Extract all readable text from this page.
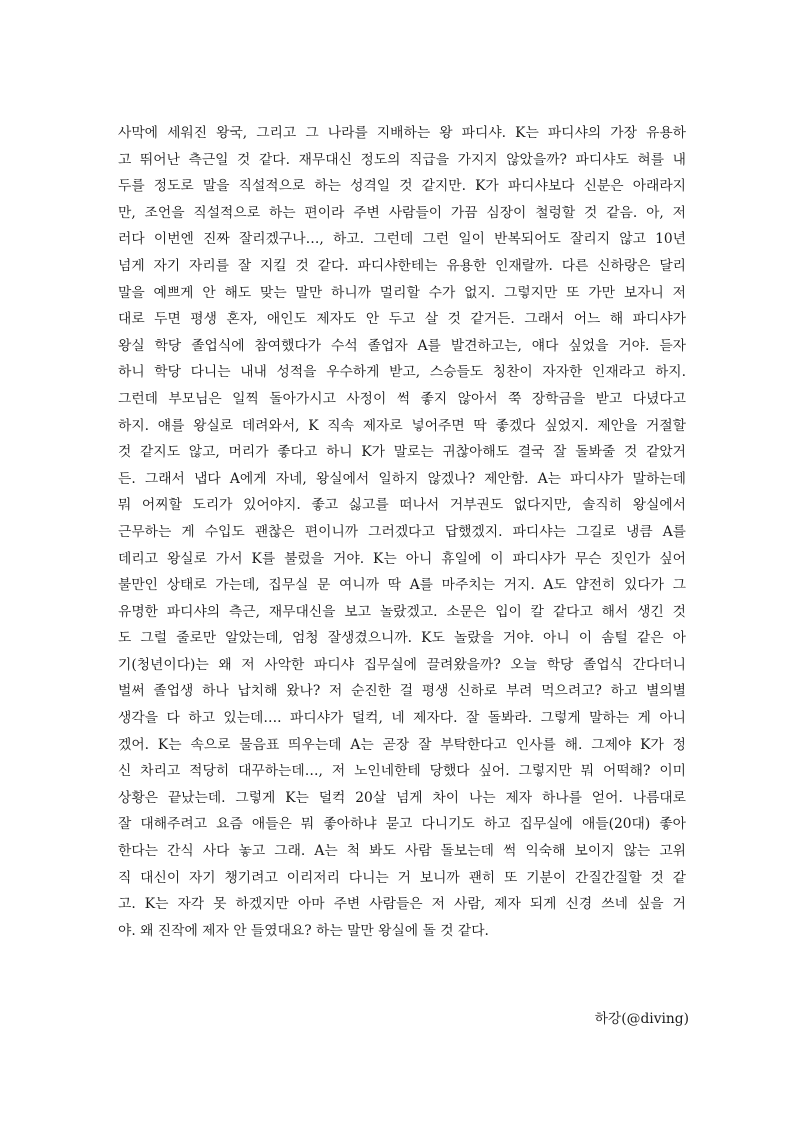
사막에 세워진 왕국, 그리고 그 나라를 지배하는 왕 파디샤. K는 파디샤의 가장 유용하
고 뛰어난 측근일 것 같다. 재무대신 정도의 직급을 가지지 않았을까? 파디샤도 혀를 내
두를 정도로 말을 직설적으로 하는 성격일 것 같지만. K가 파디샤보다 신분은 아래라지
만, 조언을 직설적으로 하는 편이라 주변 사람들이 가끔 심장이 철렁할 것 같음. 아, 저
러다 이번엔 진짜 잘리겠구나…, 하고. 그런데 그런 일이 반복되어도 잘리지 않고 10년
넘게 자기 자리를 잘 지킬 것 같다. 파디샤한테는 유용한 인재랄까. 다른 신하랑은 달리
말을 예쁘게 안 해도 맞는 말만 하니까 멀리할 수가 없지. 그렇지만 또 가만 보자니 저
대로 두면 평생 혼자, 애인도 제자도 안 두고 살 것 같거든. 그래서 어느 해 파디샤가
왕실 학당 졸업식에 참여했다가 수석 졸업자 A를 발견하고는, 얘다 싶었을 거야. 듣자
하니 학당 다니는 내내 성적을 우수하게 받고, 스승들도 칭찬이 자자한 인재라고 하지.
그런데 부모님은 일찍 돌아가시고 사정이 썩 좋지 않아서 쭉 장학금을 받고 다녔다고
하지. 얘를 왕실로 데려와서, K 직속 제자로 넣어주면 딱 좋겠다 싶었지. 제안을 거절할
것 같지도 않고, 머리가 좋다고 하니 K가 말로는 귀찮아해도 결국 잘 돌봐줄 것 같았거
든. 그래서 냅다 A에게 자네, 왕실에서 일하지 않겠나? 제안함. A는 파디샤가 말하는데
뭐 어찌할 도리가 있어야지. 좋고 싫고를 떠나서 거부권도 없다지만, 솔직히 왕실에서
근무하는 게 수입도 괜찮은 편이니까 그러겠다고 답했겠지. 파디샤는 그길로 냉큼 A를
데리고 왕실로 가서 K를 불렀을 거야. K는 아니 휴일에 이 파디샤가 무슨 짓인가 싶어
불만인 상태로 가는데, 집무실 문 여니까 딱 A를 마주치는 거지. A도 얌전히 있다가 그
유명한 파디샤의 측근, 재무대신을 보고 놀랐겠고. 소문은 입이 칼 같다고 해서 생긴 것
도 그럴 줄로만 알았는데, 엄청 잘생겼으니까. K도 놀랐을 거야. 아니 이 솜털 같은 아
기(청년이다)는 왜 저 사악한 파디샤 집무실에 끌려왔을까? 오늘 학당 졸업식 간다더니
벌써 졸업생 하나 납치해 왔나? 저 순진한 걸 평생 신하로 부려 먹으려고? 하고 별의별
생각을 다 하고 있는데…. 파디샤가 덜컥, 네 제자다. 잘 돌봐라. 그렇게 말하는 게 아니
겠어. K는 속으로 물음표 띄우는데 A는 곧장 잘 부탁한다고 인사를 해. 그제야 K가 정
신 차리고 적당히 대꾸하는데…, 저 노인네한테 당했다 싶어. 그렇지만 뭐 어떡해? 이미
상황은 끝났는데. 그렇게 K는 덜컥 20살 넘게 차이 나는 제자 하나를 얻어. 나름대로
잘 대해주려고 요즘 애들은 뭐 좋아하냐 묻고 다니기도 하고 집무실에 애들(20대) 좋아
한다는 간식 사다 놓고 그래. A는 척 봐도 사람 돌보는데 썩 익숙해 보이지 않는 고위
직 대신이 자기 챙기려고 이리저리 다니는 거 보니까 괜히 또 기분이 간질간질할 것 같
고. K는 자각 못 하겠지만 아마 주변 사람들은 저 사람, 제자 되게 신경 쓰네 싶을 거
야. 왜 진작에 제자 안 들였대요? 하는 말만 왕실에 돌 것 같다.
하강(@diving)
